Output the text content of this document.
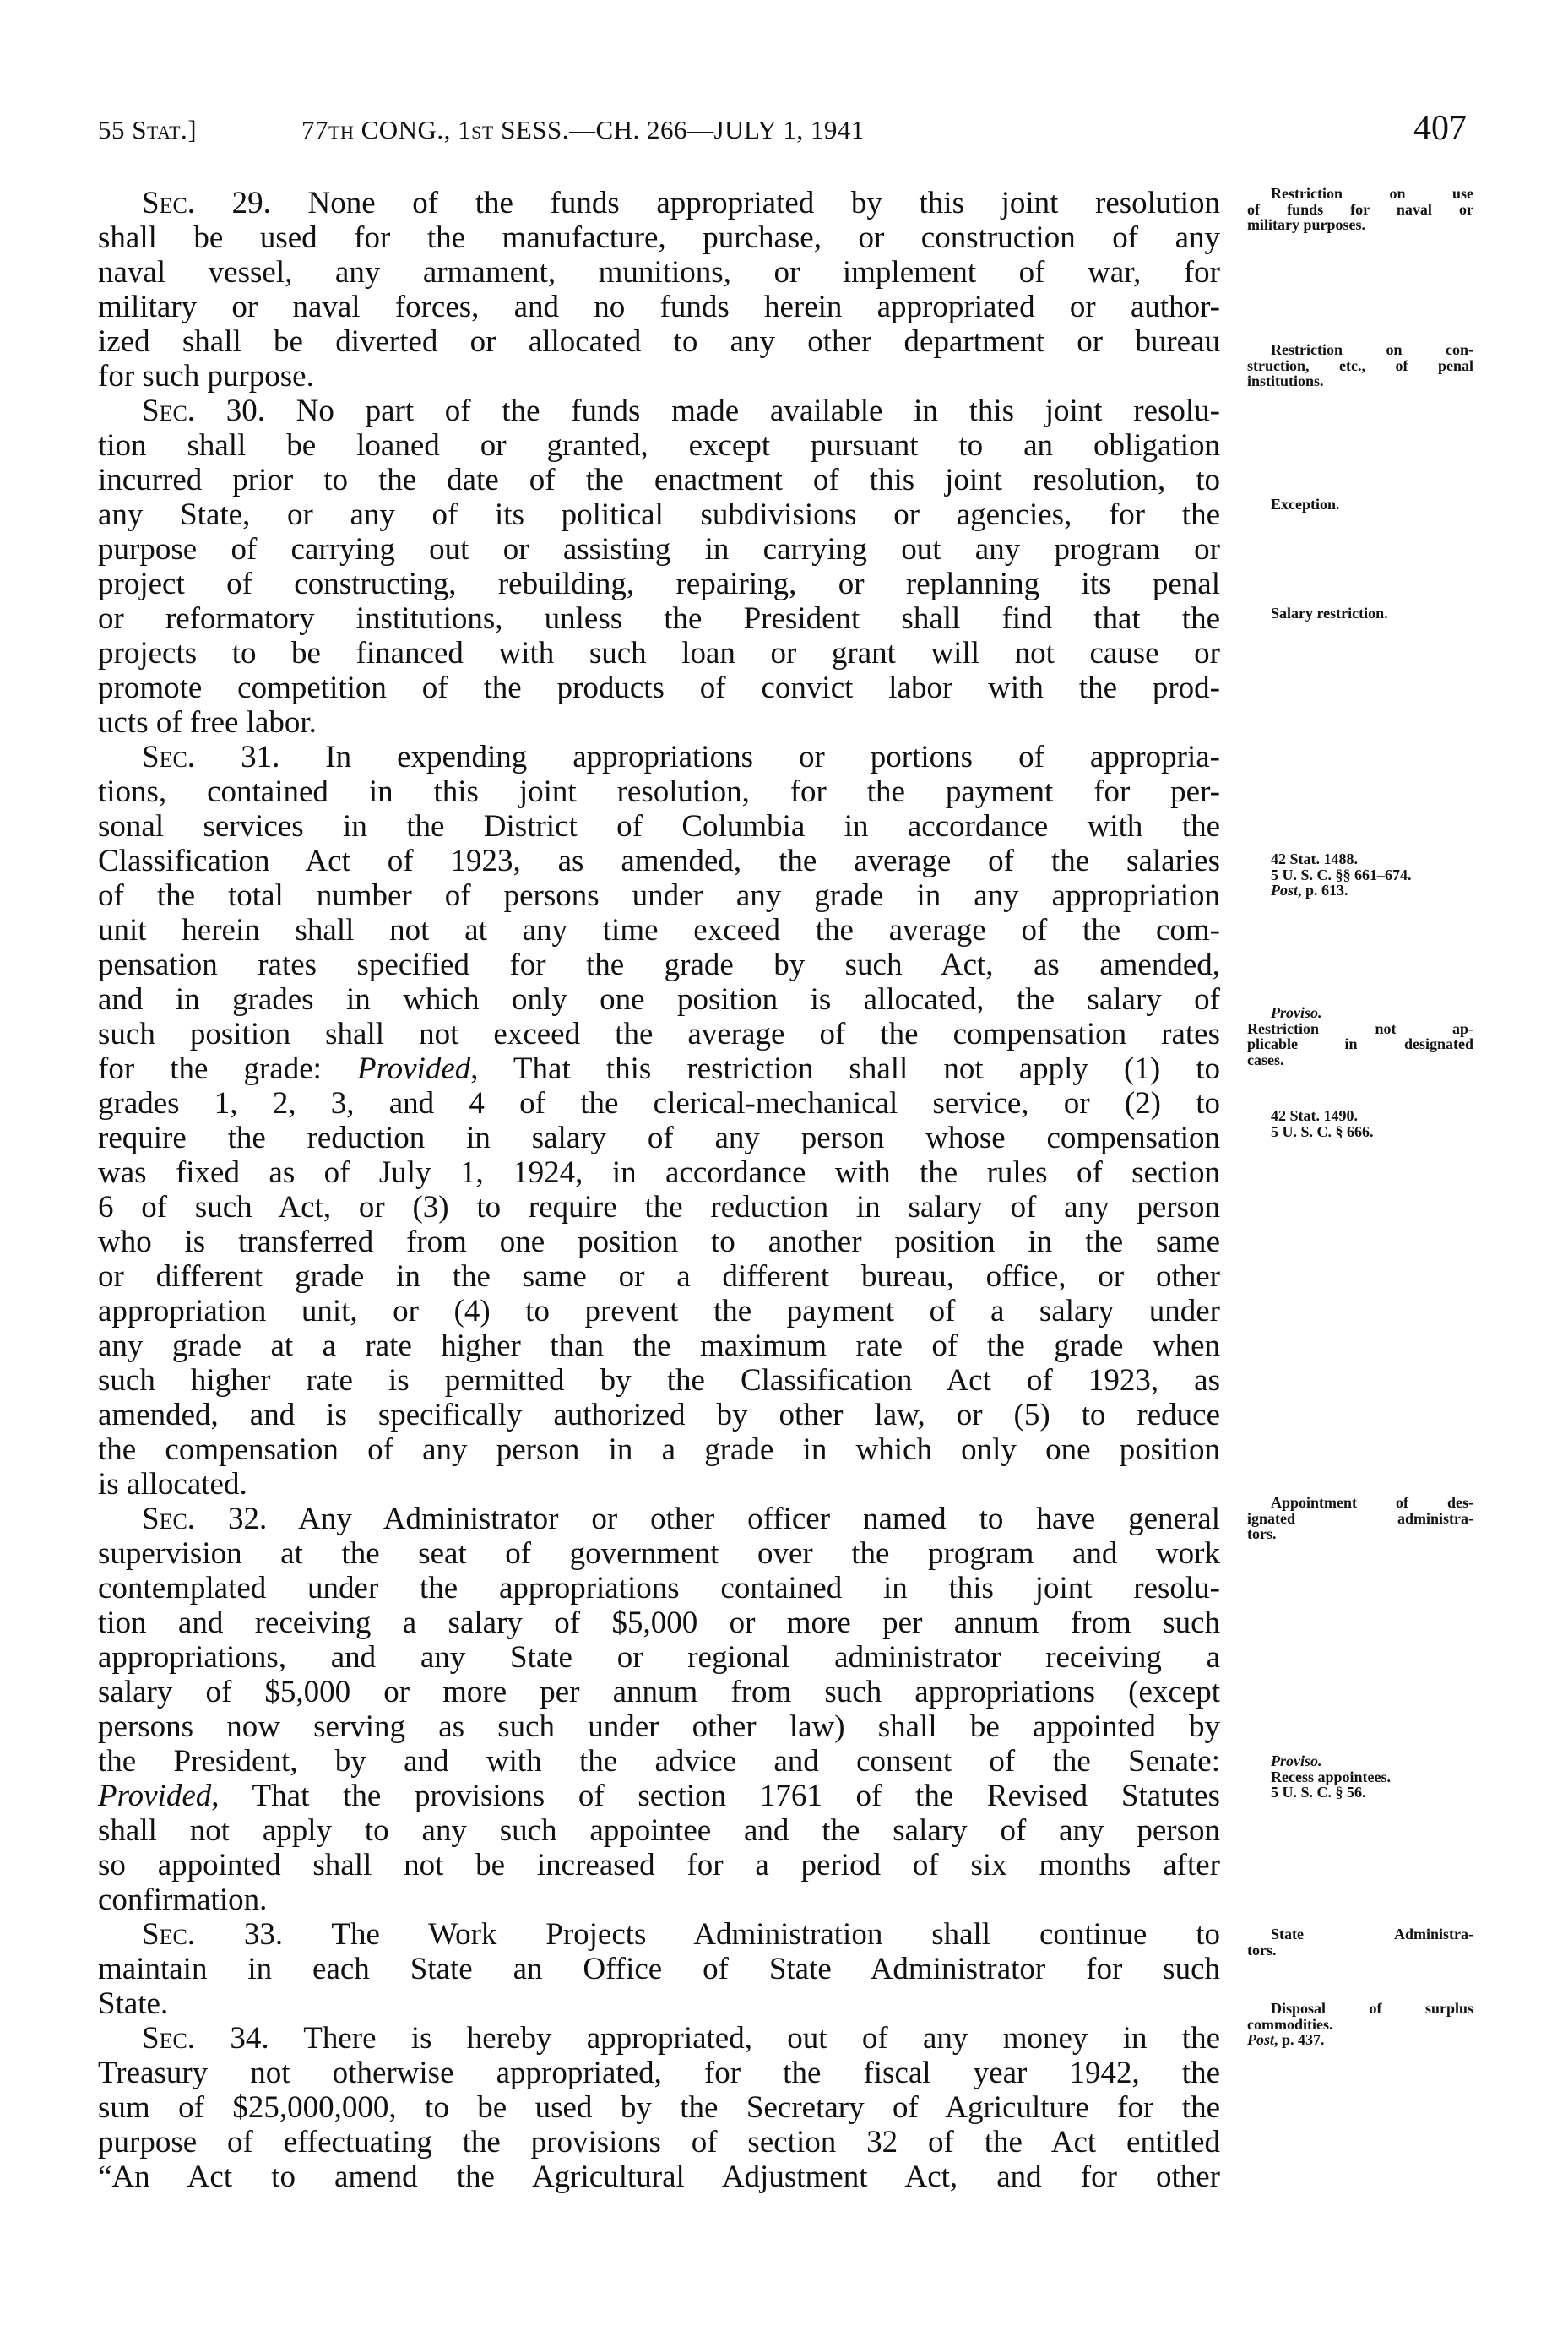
55 Stat.]	77th CONG., 1st SESS.—CH. 266—JULY 1, 1941	407
Sec. 29. None of the funds appropriated by this joint resolution
shall be used for the manufacture, purchase, or construction of any
naval vessel, any armament, munitions, or implement of war, for
military or naval forces, and no funds herein appropriated or author-
ized shall be diverted or allocated to any other department or bureau
for such purpose.
Sec. 30. No part of the funds made available in this joint resolu-
tion shall be loaned or granted, except pursuant to an obligation
incurred prior to the date of the enactment of this joint resolution, to
any State, or any of its political subdivisions or agencies, for the
purpose of carrying out or assisting in carrying out any program or
project of constructing, rebuilding, repairing, or replanning its penal
or reformatory institutions, unless the President shall find that the
projects to be financed with such loan or grant will not cause or
promote competition of the products of convict labor with the prod-
ucts of free labor.
Sec. 31. In expending appropriations or portions of appropria-
tions, contained in this joint resolution, for the payment for per-
sonal services in the District of Columbia in accordance with the
Classification Act of 1923, as amended, the average of the salaries
of the total number of persons under any grade in any appropriation
unit herein shall not at any time exceed the average of the com-
pensation rates specified for the grade by such Act, as amended,
and in grades in which only one position is allocated, the salary of
such position shall not exceed the average of the compensation rates
for the grade: Provided, That this restriction shall not apply (1) to
grades 1, 2, 3, and 4 of the clerical-mechanical service, or (2) to
require the reduction in salary of any person whose compensation
was fixed as of July 1, 1924, in accordance with the rules of section
6 of such Act, or (3) to require the reduction in salary of any person
who is transferred from one position to another position in the same
or different grade in the same or a different bureau, office, or other
appropriation unit, or (4) to prevent the payment of a salary under
any grade at a rate higher than the maximum rate of the grade when
such higher rate is permitted by the Classification Act of 1923, as
amended, and is specifically authorized by other law, or (5) to reduce
the compensation of any person in a grade in which only one position
is allocated.
Sec. 32. Any Administrator or other officer named to have general
supervision at the seat of government over the program and work
contemplated under the appropriations contained in this joint resolu-
tion and receiving a salary of $5,000 or more per annum from such
appropriations, and any State or regional administrator receiving a
salary of $5,000 or more per annum from such appropriations (except
persons now serving as such under other law) shall be appointed by
the President, by and with the advice and consent of the Senate:
Provided, That the provisions of section 1761 of the Revised Statutes
shall not apply to any such appointee and the salary of any person
so appointed shall not be increased for a period of six months after
confirmation.
Sec. 33. The Work Projects Administration shall continue to
maintain in each State an Office of State Administrator for such
State.
Sec. 34. There is hereby appropriated, out of any money in the
Treasury not otherwise appropriated, for the fiscal year 1942, the
sum of $25,000,000, to be used by the Secretary of Agriculture for the
purpose of effectuating the provisions of section 32 of the Act entitled
“An Act to amend the Agricultural Adjustment Act, and for other
Restriction on use
of funds for naval or
military purposes.
Restriction on con-
struction, etc., of penal
institutions.
Exception.
Salary restriction.
42 Stat. 1488.
5 U. S. C. §§ 661–674.
Post, p. 613.
Proviso.
Restriction not ap-
plicable in designated
cases.
42 Stat. 1490.
5 U. S. C. § 666.
Appointment of des-
ignated administra-
tors.
Proviso.
Recess appointees.
5 U. S. C. § 56.
State Administra-
tors.
Disposal of surplus
commodities.
Post, p. 437.
